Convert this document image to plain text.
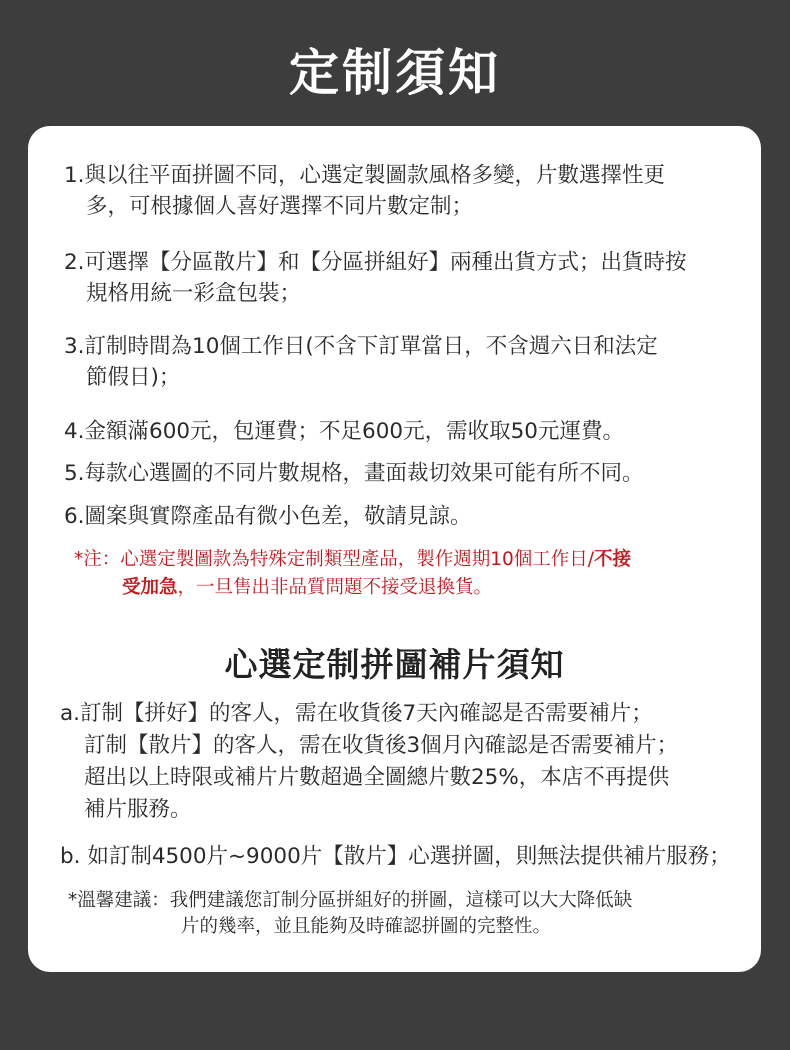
定制須知
1.與以往平面拼圖不同，心選定製圖款風格多變，片數選擇性更
多，可根據個人喜好選擇不同片數定制；
2.可選擇【分區散片】和【分區拼組好】兩種出貨方式；出貨時按
規格用統一彩盒包裝；
3.訂制時間為10個工作日(不含下訂單當日，不含週六日和法定
節假日)；
4.金額滿600元，包運費；不足600元，需收取50元運費。
5.每款心選圖的不同片數規格，畫面裁切效果可能有所不同。
6.圖案與實際產品有微小色差，敬請見諒。
*注：心選定製圖款為特殊定制類型產品，製作週期10個工作日/不接
受加急，一旦售出非品質問題不接受退換貨。
心選定制拼圖補片須知
a.訂制【拼好】的客人，需在收貨後7天內確認是否需要補片；
訂制【散片】的客人，需在收貨後3個月內確認是否需要補片；
超出以上時限或補片片數超過全圖總片數25%，本店不再提供
補片服務。
b. 如訂制4500片~9000片【散片】心選拼圖，則無法提供補片服務；
*溫馨建議：我們建議您訂制分區拼組好的拼圖，這樣可以大大降低缺
片的幾率，並且能夠及時確認拼圖的完整性。
